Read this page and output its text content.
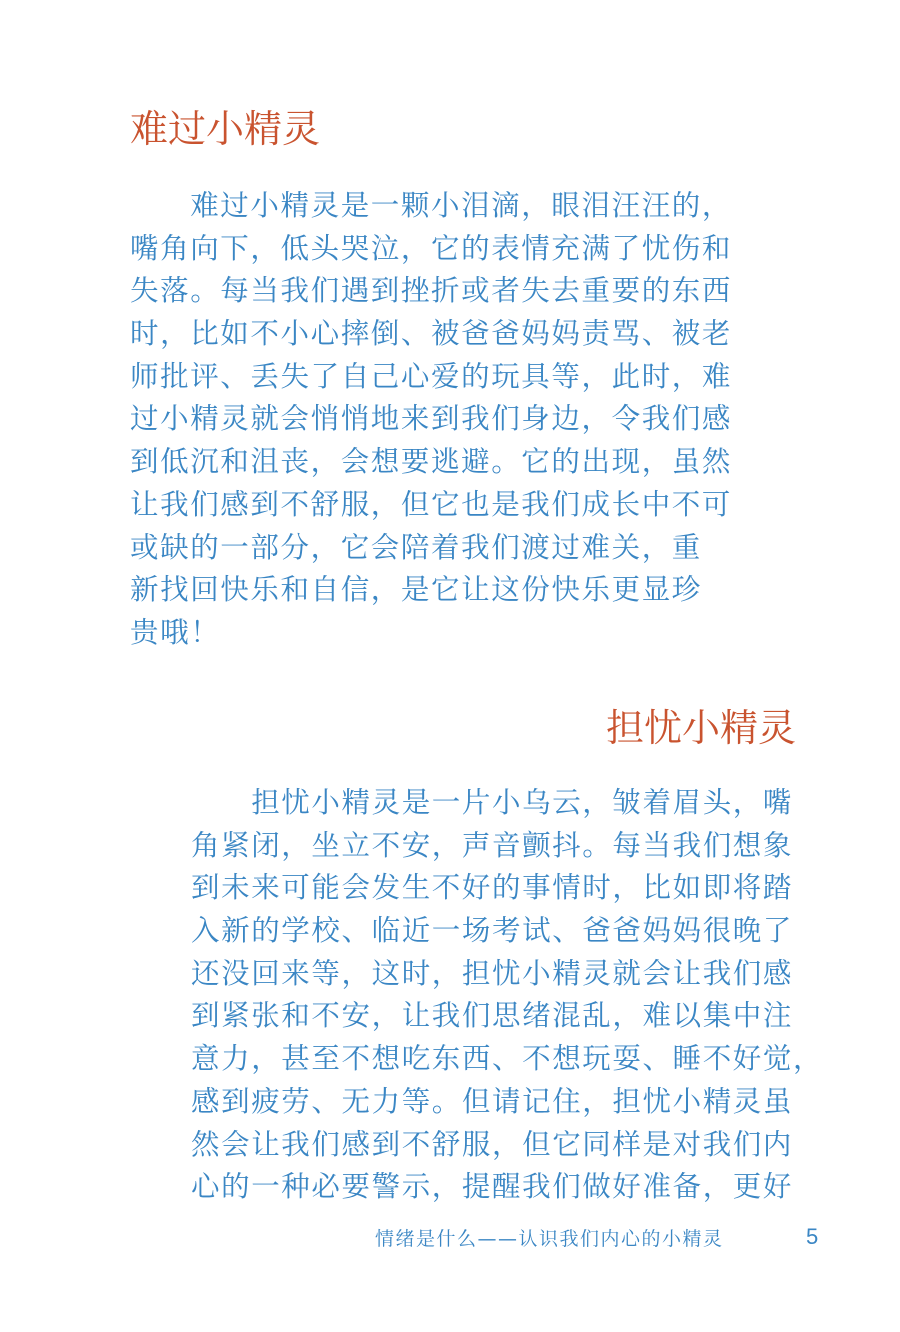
难过小精灵
　　难过小精灵是一颗小泪滴，眼泪汪汪的，
嘴角向下，低头哭泣，它的表情充满了忧伤和
失落。每当我们遇到挫折或者失去重要的东西
时，比如不小心摔倒、被爸爸妈妈责骂、被老
师批评、丢失了自己心爱的玩具等，此时，难
过小精灵就会悄悄地来到我们身边，令我们感
到低沉和沮丧，会想要逃避。它的出现，虽然
让我们感到不舒服，但它也是我们成长中不可
或缺的一部分，它会陪着我们渡过难关，重
新找回快乐和自信，是它让这份快乐更显珍
贵哦！
担忧小精灵
　　担忧小精灵是一片小乌云，皱着眉头，嘴
角紧闭，坐立不安，声音颤抖。每当我们想象
到未来可能会发生不好的事情时，比如即将踏
入新的学校、临近一场考试、爸爸妈妈很晚了
还没回来等，这时，担忧小精灵就会让我们感
到紧张和不安，让我们思绪混乱，难以集中注
意力，甚至不想吃东西、不想玩耍、睡不好觉，
感到疲劳、无力等。但请记住，担忧小精灵虽
然会让我们感到不舒服，但它同样是对我们内
心的一种必要警示，提醒我们做好准备，更好
情绪是什么——认识我们内心的小精灵	5
